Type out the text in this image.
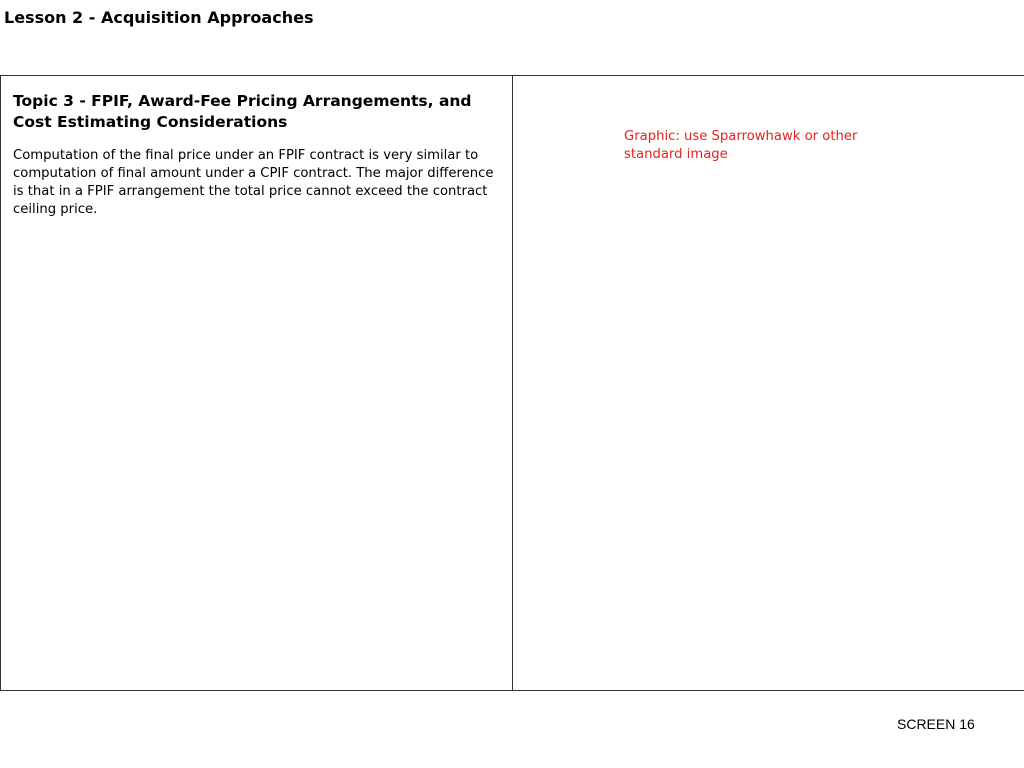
Lesson 2 - Acquisition Approaches
Topic 3 - FPIF, Award-Fee Pricing Arrangements, and Cost Estimating Considerations
Computation of the final price under an FPIF contract is very similar to computation of final amount under a CPIF contract. The major difference is that in a FPIF arrangement the total price cannot exceed the contract ceiling price.
Graphic: use Sparrowhawk or other standard image
SCREEN 16
